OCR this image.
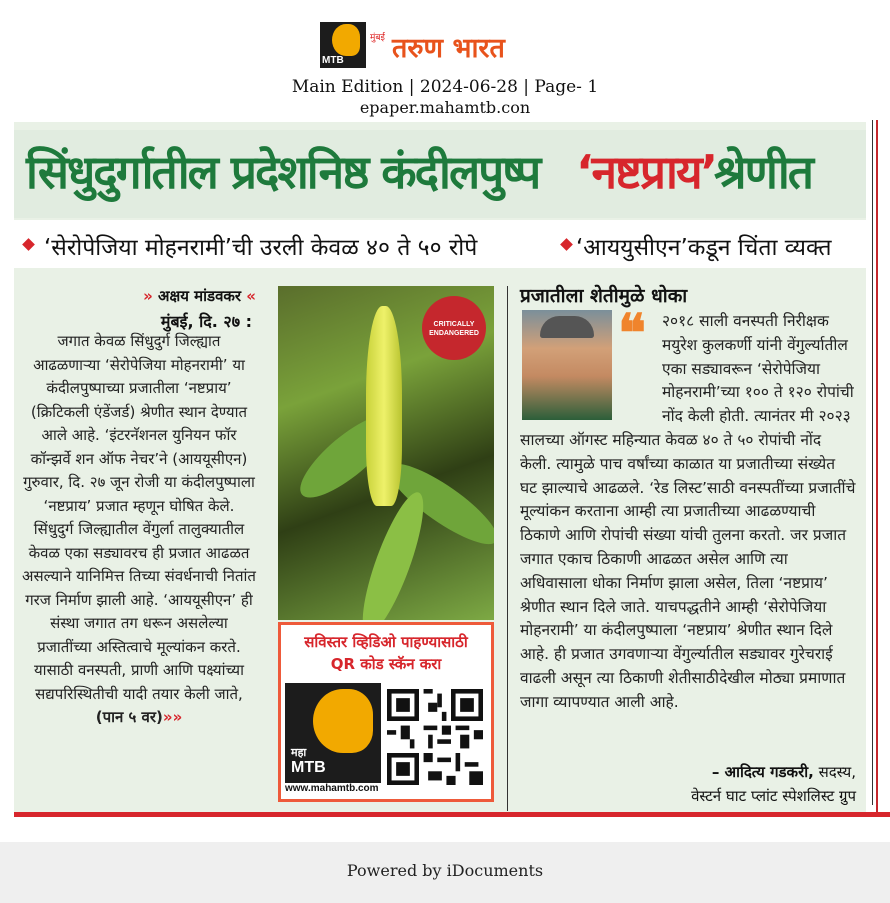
MTB
मुंबई तरुण भारत
Main Edition | 2024-06-28 | Page- 1
epaper.mahamtb.con
सिंधुदुर्गातील प्रदेशनिष्ठ कंदीलपुष्प ‘नष्टप्राय’
श्रेणीत
‘सेरोपेजिया मोहनरामी’ची उरली केवळ ४० ते ५० रोपे	‘आययुसीएन’कडून चिंता व्यक्त
» अक्षय मांडवकर «
मुंबई, दि. २७ :
जगात केवळ सिंधुदुर्ग जिल्ह्यात आढळणाऱ्या ‘सेरोपेजिया मोहनरामी’ या कंदीलपुष्पाच्या प्रजातीला ‘नष्टप्राय’ (क्रिटिकली एंडेंजर्ड) श्रेणीत स्थान देण्यात आले आहे. ‘इंटरनॅशनल युनियन फॉर कॉन्झर्वे शन ऑफ नेचर’ने (आययूसीएन) गुरुवार, दि. २७ जून रोजी या कंदीलपुष्पाला ‘नष्टप्राय’ प्रजात म्हणून घोषित केले. सिंधुदुर्ग जिल्ह्यातील वेंगुर्ला तालुक्यातील केवळ एका सड्यावरच ही प्रजात आढळत असल्याने यानिमित्त तिच्या संवर्धनाची नितांत गरज निर्माण झाली आहे. ‘आययूसीएन’ ही संस्था जगात तग धरून असलेल्या प्रजातींच्या अस्तित्वाचे मूल्यांकन करते. यासाठी वनस्पती, प्राणी आणि पक्ष्यांच्या सद्यपरिस्थितीची यादी तयार केली जाते, (पान ५ वर)»»
CRITICALLY ENDANGERED
सविस्तर व्हिडिओ पाहण्यासाठी
QR कोड स्कॅन करा
महा
MTB
www.mahamtb.com
प्रजातीला शेतीमुळे धोका
२०१८ साली वनस्पती निरीक्षक मयुरेश कुलकर्णी यांनी वेंगुर्ल्यातील एका सड्यावरून ‘सेरोपेजिया मोहनरामी’च्या १०० ते १२० रोपांची नोंद केली होती. त्यानंतर मी २०२३ सालच्या ऑगस्ट महिन्यात केवळ ४० ते ५० रोपांची नोंद केली. त्यामुळे पाच वर्षांच्या काळात या प्रजातीच्या संख्येत घट झाल्याचे आढळले. ‘रेड लिस्ट’साठी वनस्पतींच्या प्रजातींचे मूल्यांकन करताना आम्ही त्या प्रजातीच्या आढळण्याची ठिकाणे आणि रोपांची संख्या यांची तुलना करतो. जर प्रजात जगात एकाच ठिकाणी आढळत असेल आणि त्या अधिवासाला धोका निर्माण झाला असेल, तिला ‘नष्टप्राय’ श्रेणीत स्थान दिले जाते. याचपद्धतीने आम्ही ‘सेरोपेजिया मोहनरामी’ या कंदीलपुष्पाला ‘नष्टप्राय’ श्रेणीत स्थान दिले आहे. ही प्रजात उगवणाऱ्या वेंगुर्ल्यातील सड्यावर गुरेचराई वाढली असून त्या ठिकाणी शेतीसाठीदेखील मोठ्या प्रमाणात जागा व्यापण्यात आली आहे.
❝
– आदित्य गडकरी, सदस्य,
वेस्टर्न घाट प्लांट स्पेशलिस्ट ग्रुप
Powered by iDocuments
